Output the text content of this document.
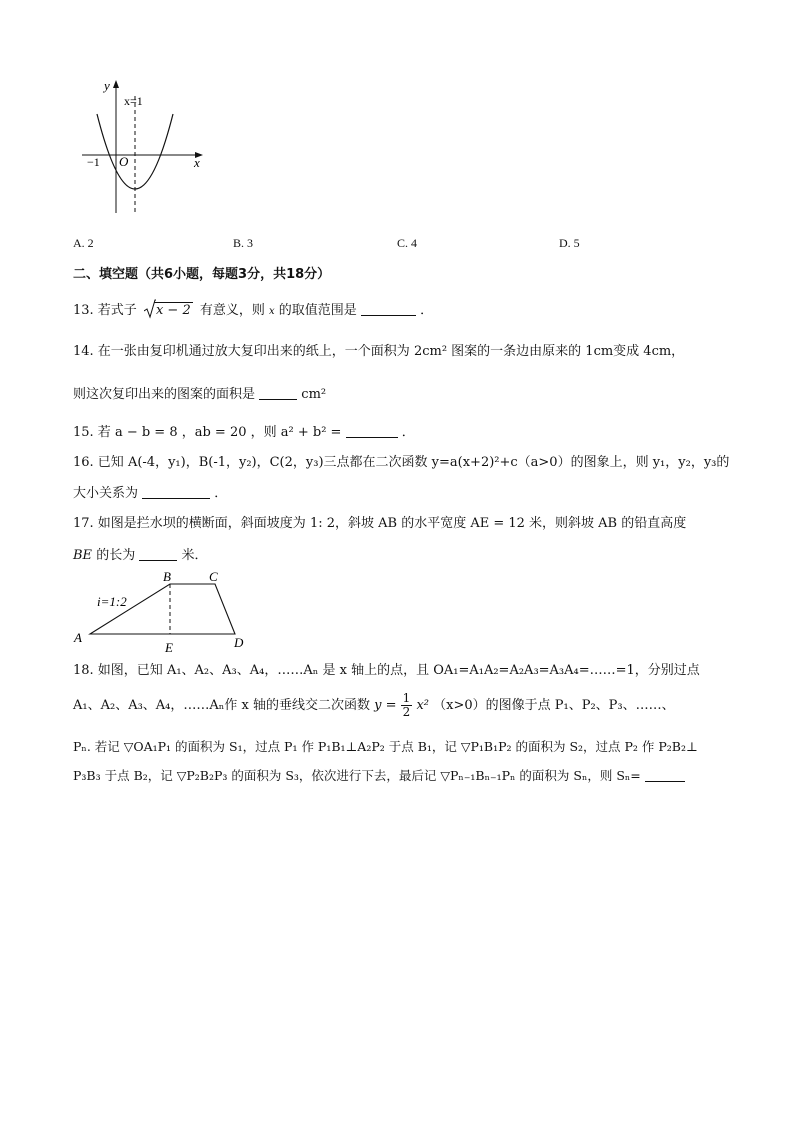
y
x
x=1
−1 O
A. 2	B. 3	C. 4	D. 5
二、填空题（共6小题，每题3分，共18分）
13. 若式子 x − 2 有意义，则 x 的取值范围是	．
14. 在一张由复印机通过放大复印出来的纸上，一个面积为 2cm² 图案的一条边由原来的 1cm变成 4cm，
则这次复印出来的图案的面积是	cm²
15. 若 a − b = 8 ，ab = 20 ，则 a² + b² =	．
16. 已知 A(-4，y₁)，B(-1，y₂)，C(2，y₃)三点都在二次函数 y=a(x+2)²+c（a>0）的图象上，则 y₁，y₂，y₃的
大小关系为	．
17. 如图是拦水坝的横断面，斜面坡度为 1: 2，斜坡 AB 的水平宽度 AE = 12 米，则斜坡 AB 的铅直高度
BE 的长为	米．
A
B	C
D
E
i=1:2
18. 如图，已知 A₁、A₂、A₃、A₄，……Aₙ 是 x 轴上的点，且 OA₁=A₁A₂=A₂A₃=A₃A₄=……=1，分别过点
A₁、A₂、A₃、A₄，……Aₙ作 x 轴的垂线交二次函数 $y = \frac{1}{2} x^2$ （x>0）的图像于点 P₁、P₂、P₃、……、
Pₙ. 若记 ▽OA₁P₁ 的面积为 S₁，过点 P₁ 作 P₁B₁⊥A₂P₂ 于点 B₁，记 ▽P₁B₁P₂ 的面积为 S₂，过点 P₂ 作 P₂B₂⊥
P₃B₃ 于点 B₂，记 ▽P₂B₂P₃ 的面积为 S₃，依次进行下去，最后记 ▽Pₙ₋₁Bₙ₋₁Pₙ 的面积为 Sₙ，则 Sₙ=
